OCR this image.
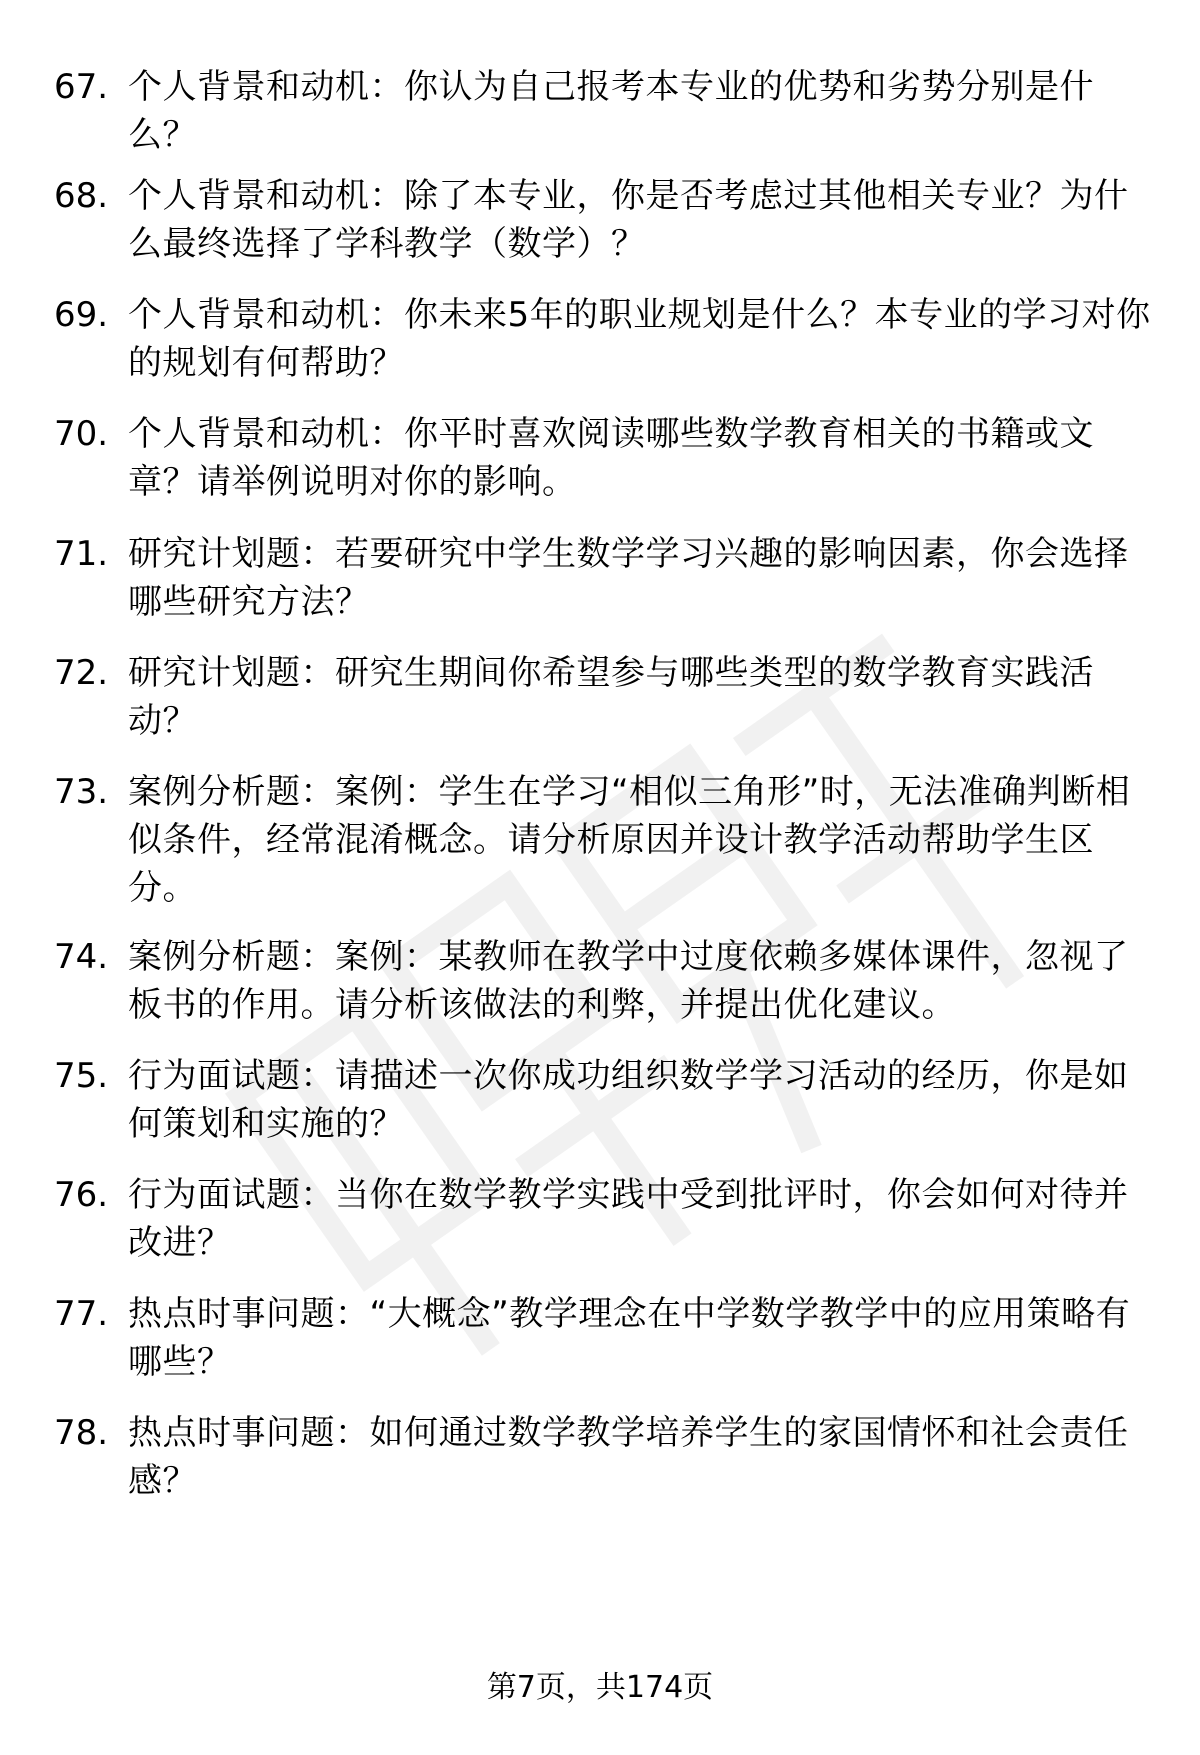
67. 个人背景和动机：你认为自己报考本专业的优势和劣势分别是什么？
68. 个人背景和动机：除了本专业，你是否考虑过其他相关专业？为什么最终选择了学科教学（数学）？
69. 个人背景和动机：你未来5年的职业规划是什么？本专业的学习对你的规划有何帮助？
70. 个人背景和动机：你平时喜欢阅读哪些数学教育相关的书籍或文章？请举例说明对你的影响。
71. 研究计划题：若要研究中学生数学学习兴趣的影响因素，你会选择哪些研究方法？
72. 研究计划题：研究生期间你希望参与哪些类型的数学教育实践活动？
73. 案例分析题：案例：学生在学习“相似三角形”时，无法准确判断相似条件，经常混淆概念。请分析原因并设计教学活动帮助学生区分。
74. 案例分析题：案例：某教师在教学中过度依赖多媒体课件，忽视了板书的作用。请分析该做法的利弊，并提出优化建议。
75. 行为面试题：请描述一次你成功组织数学学习活动的经历，你是如何策划和实施的？
76. 行为面试题：当你在数学教学实践中受到批评时，你会如何对待并改进？
77. 热点时事问题：“大概念”教学理念在中学数学教学中的应用策略有哪些？
78. 热点时事问题：如何通过数学教学培养学生的家国情怀和社会责任感？
第7页，共174页
